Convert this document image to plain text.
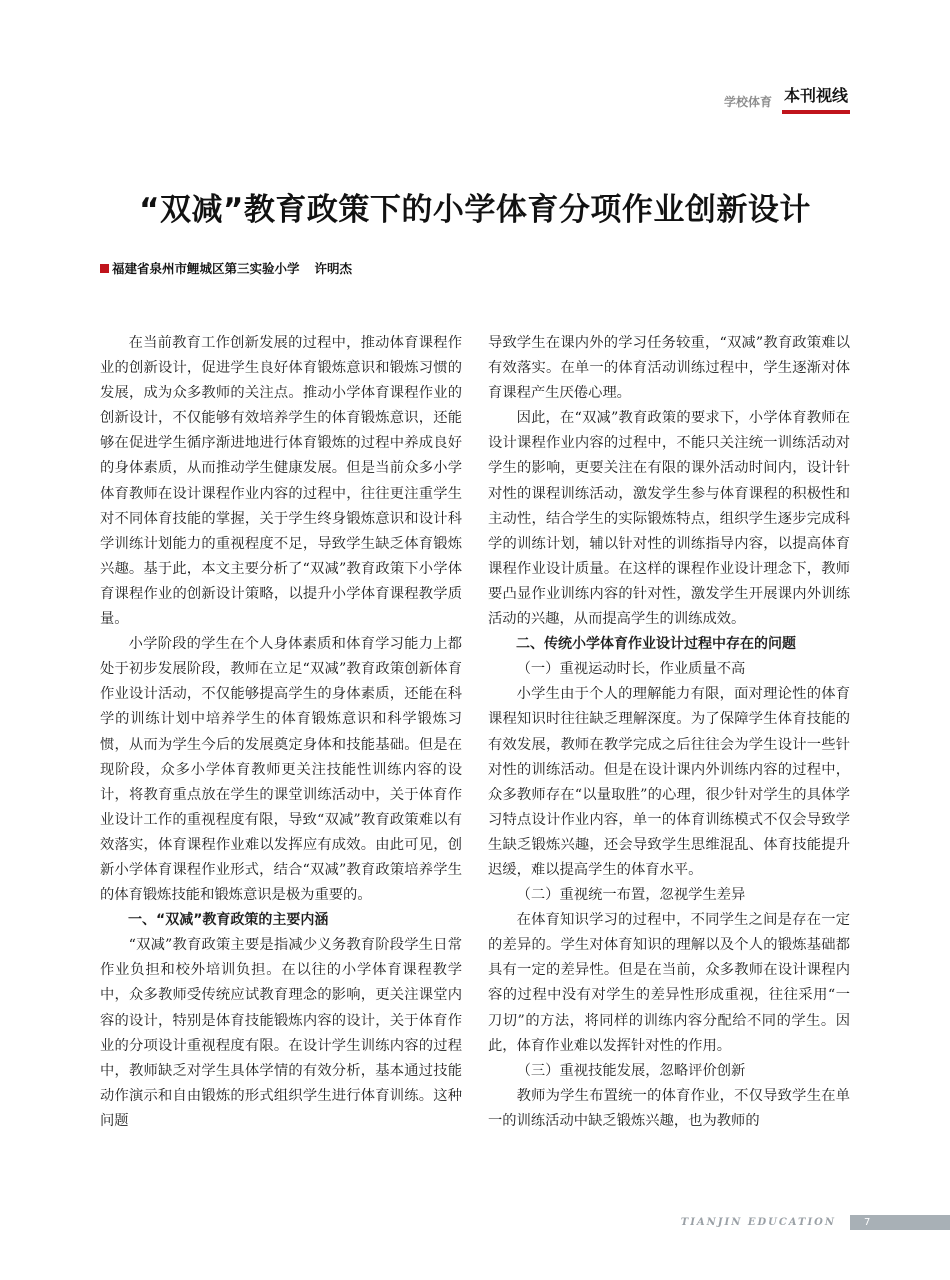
学校体育 本刊视线
“双减”教育政策下的小学体育分项作业创新设计
福建省泉州市鲤城区第三实验小学 许明杰

在当前教育工作创新发展的过程中，推动体育课程作业的创新设计，促进学生良好体育锻炼意识和锻炼习惯的发展，成为众多教师的关注点。推动小学体育课程作业的创新设计，不仅能够有效培养学生的体育锻炼意识，还能够在促进学生循序渐进地进行体育锻炼的过程中养成良好的身体素质，从而推动学生健康发展。但是当前众多小学体育教师在设计课程作业内容的过程中，往往更注重学生对不同体育技能的掌握，关于学生终身锻炼意识和设计科学训练计划能力的重视程度不足，导致学生缺乏体育锻炼兴趣。基于此，本文主要分析了“双减”教育政策下小学体育课程作业的创新设计策略，以提升小学体育课程教学质量。

小学阶段的学生在个人身体素质和体育学习能力上都处于初步发展阶段，教师在立足“双减”教育政策创新体育作业设计活动，不仅能够提高学生的身体素质，还能在科学的训练计划中培养学生的体育锻炼意识和科学锻炼习惯，从而为学生今后的发展奠定身体和技能基础。但是在现阶段，众多小学体育教师更关注技能性训练内容的设计，将教育重点放在学生的课堂训练活动中，关于体育作业设计工作的重视程度有限，导致“双减”教育政策难以有效落实，体育课程作业难以发挥应有成效。由此可见，创新小学体育课程作业形式，结合“双减”教育政策培养学生的体育锻炼技能和锻炼意识是极为重要的。

一、“双减”教育政策的主要内涵

“双减”教育政策主要是指减少义务教育阶段学生日常作业负担和校外培训负担。在以往的小学体育课程教学中，众多教师受传统应试教育理念的影响，更关注课堂内容的设计，特别是体育技能锻炼内容的设计，关于体育作业的分项设计重视程度有限。在设计学生训练内容的过程中，教师缺乏对学生具体学情的有效分析，基本通过技能动作演示和自由锻炼的形式组织学生进行体育训练。这种问题

导致学生在课内外的学习任务较重，“双减”教育政策难以有效落实。在单一的体育活动训练过程中，学生逐渐对体育课程产生厌倦心理。

因此，在“双减”教育政策的要求下，小学体育教师在设计课程作业内容的过程中，不能只关注统一训练活动对学生的影响，更要关注在有限的课外活动时间内，设计针对性的课程训练活动，激发学生参与体育课程的积极性和主动性，结合学生的实际锻炼特点，组织学生逐步完成科学的训练计划，辅以针对性的训练指导内容，以提高体育课程作业设计质量。在这样的课程作业设计理念下，教师要凸显作业训练内容的针对性，激发学生开展课内外训练活动的兴趣，从而提高学生的训练成效。

二、传统小学体育作业设计过程中存在的问题
（一）重视运动时长，作业质量不高

小学生由于个人的理解能力有限，面对理论性的体育课程知识时往往缺乏理解深度。为了保障学生体育技能的有效发展，教师在教学完成之后往往会为学生设计一些针对性的训练活动。但是在设计课内外训练内容的过程中，众多教师存在“以量取胜”的心理，很少针对学生的具体学习特点设计作业内容，单一的体育训练模式不仅会导致学生缺乏锻炼兴趣，还会导致学生思维混乱、体育技能提升迟缓，难以提高学生的体育水平。

（二）重视统一布置，忽视学生差异

在体育知识学习的过程中，不同学生之间是存在一定的差异的。学生对体育知识的理解以及个人的锻炼基础都具有一定的差异性。但是在当前，众多教师在设计课程内容的过程中没有对学生的差异性形成重视，往往采用“一刀切”的方法，将同样的训练内容分配给不同的学生。因此，体育作业难以发挥针对性的作用。

（三）重视技能发展，忽略评价创新

教师为学生布置统一的体育作业，不仅导致学生在单一的训练活动中缺乏锻炼兴趣，也为教师的

TIANJIN EDUCATION	7
